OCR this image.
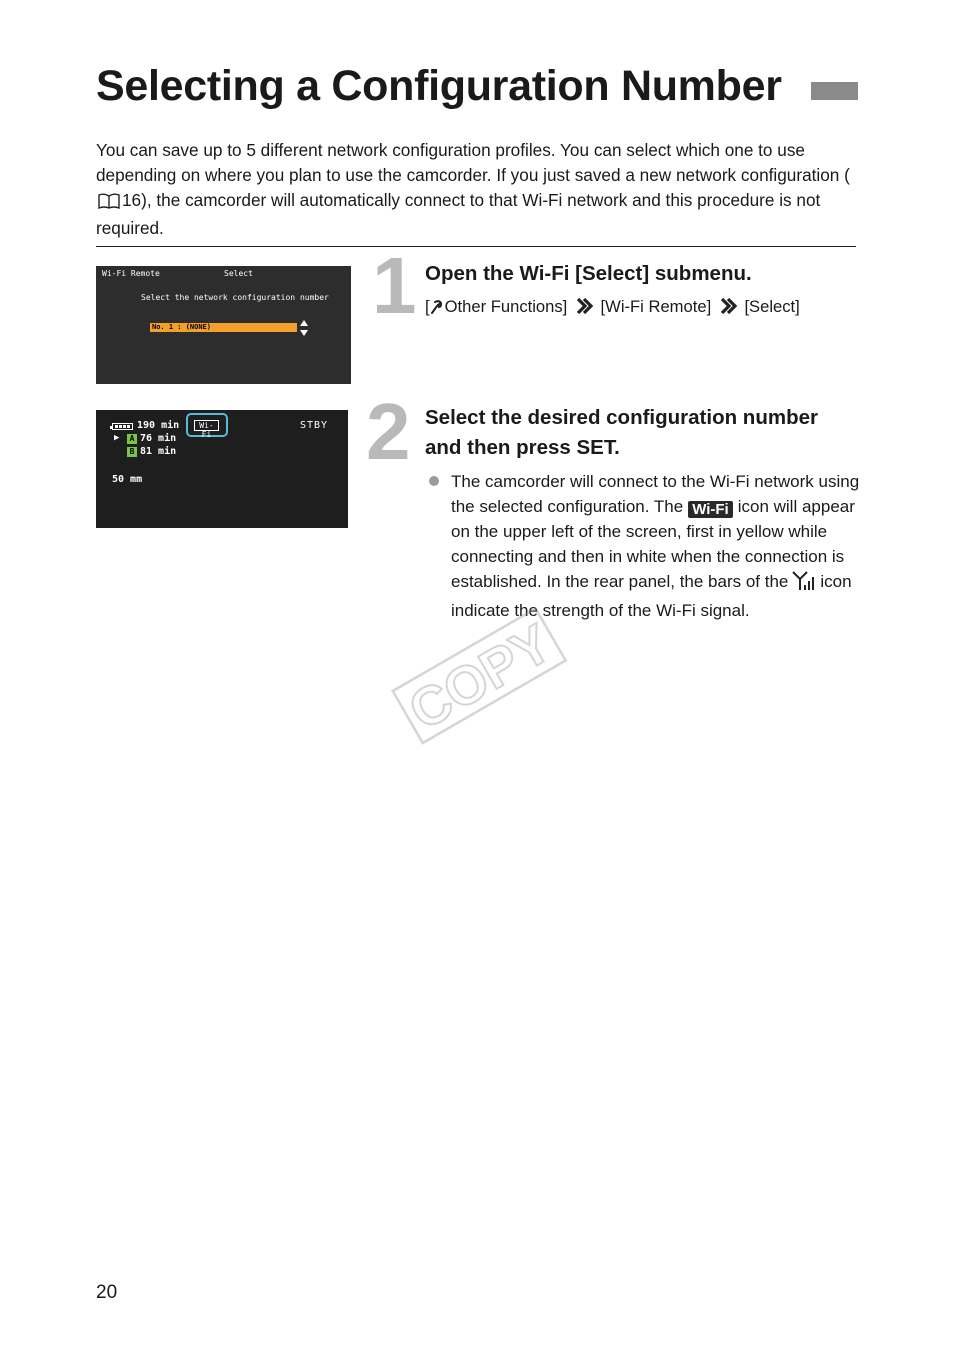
Selecting a Configuration Number
You can save up to 5 different network configuration profiles. You can select which one to use depending on where you plan to use the camcorder. If you just saved a new network configuration (16), the camcorder will automatically connect to that Wi-Fi network and this procedure is not required.
Wi-Fi Remote	Select
Select the network configuration number
No. 1 : (NONE)
190 min
▶	A 76 min
B 81 min
50 mm
Wi-Fi
STBY
1 Open the Wi-Fi [Select] submenu.
[ Other Functions] [Wi-Fi Remote] [Select]
2 Select the desired configuration number and then press SET.
The camcorder will connect to the Wi-Fi network using the selected configuration. The Wi-Fi icon will appear on the upper left of the screen, first in yellow while connecting and then in white when the connection is established. In the rear panel, the bars of the icon indicate the strength of the Wi-Fi signal.
COPY
20
